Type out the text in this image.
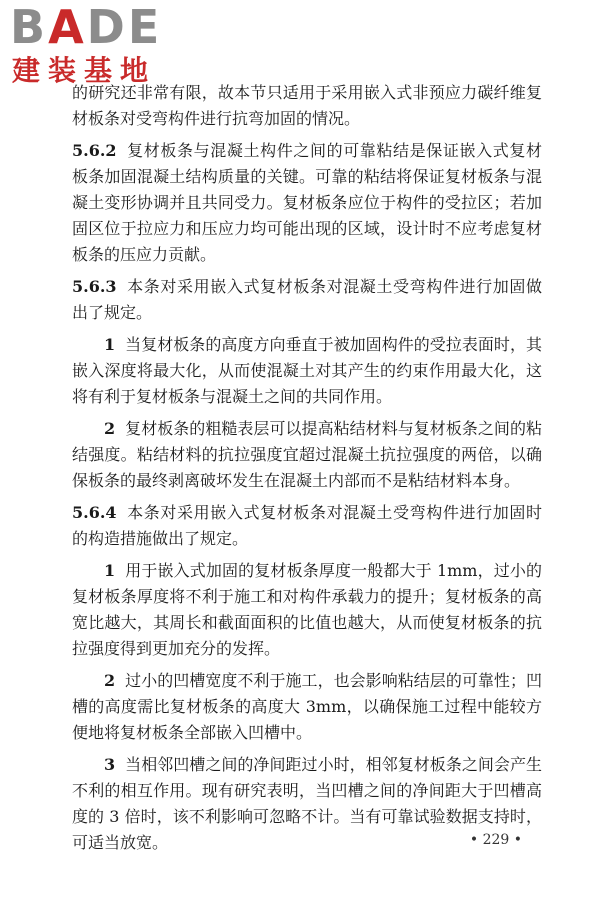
BADE
建装基地

的研究还非常有限，故本节只适用于采用嵌入式非预应力碳纤维复材板条对受弯构件进行抗弯加固的情况。

5.6.2 复材板条与混凝土构件之间的可靠粘结是保证嵌入式复材板条加固混凝土结构质量的关键。可靠的粘结将保证复材板条与混凝土变形协调并且共同受力。复材板条应位于构件的受拉区；若加固区位于拉应力和压应力均可能出现的区域，设计时不应考虑复材板条的压应力贡献。

5.6.3 本条对采用嵌入式复材板条对混凝土受弯构件进行加固做出了规定。

1 当复材板条的高度方向垂直于被加固构件的受拉表面时，其嵌入深度将最大化，从而使混凝土对其产生的约束作用最大化，这将有利于复材板条与混凝土之间的共同作用。

2 复材板条的粗糙表层可以提高粘结材料与复材板条之间的粘结强度。粘结材料的抗拉强度宜超过混凝土抗拉强度的两倍，以确保板条的最终剥离破坏发生在混凝土内部而不是粘结材料本身。

5.6.4 本条对采用嵌入式复材板条对混凝土受弯构件进行加固时的构造措施做出了规定。

1 用于嵌入式加固的复材板条厚度一般都大于 1mm，过小的复材板条厚度将不利于施工和对构件承载力的提升；复材板条的高宽比越大，其周长和截面面积的比值也越大，从而使复材板条的抗拉强度得到更加充分的发挥。

2 过小的凹槽宽度不利于施工，也会影响粘结层的可靠性；凹槽的高度需比复材板条的高度大 3mm，以确保施工过程中能较方便地将复材板条全部嵌入凹槽中。

3 当相邻凹槽之间的净间距过小时，相邻复材板条之间会产生不利的相互作用。现有研究表明，当凹槽之间的净间距大于凹槽高度的 3 倍时，该不利影响可忽略不计。当有可靠试验数据支持时，可适当放宽。	• 229 •
